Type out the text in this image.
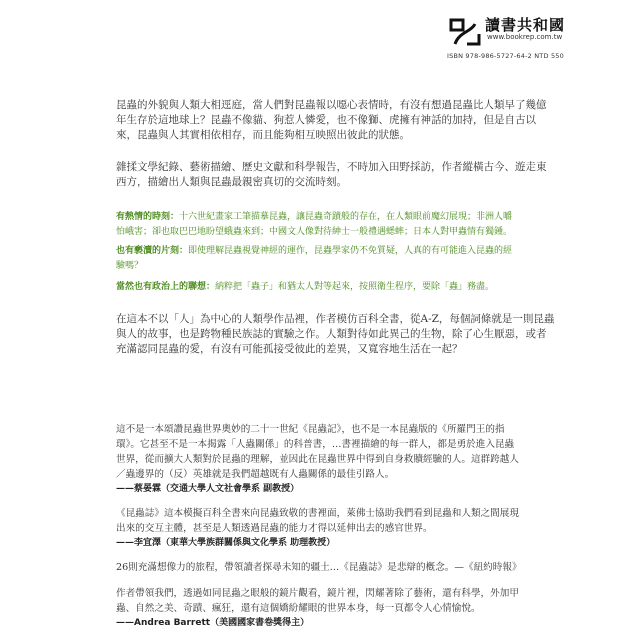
讀書共和國
www.bookrep.com.tw
ISBN 978-986-5727-64-2 NTD 550

昆蟲的外貌與人類大相逕庭，當人們對昆蟲報以噁心表情時，有沒有想過昆蟲比人類早了幾億

年生存於這地球上？昆蟲不像貓、狗惹人憐愛，也不像獅、虎擁有神話的加持，但是自古以

來，昆蟲與人其實相依相存，而且能夠相互映照出彼此的狀態。

雜揉文學紀錄、藝術描繪、歷史文獻和科學報告，不時加入田野採訪，作者縱橫古今、遊走東

西方，描繪出人類與昆蟲最親密真切的交流時刻。

有熱情的時刻：十六世紀畫家工筆描摹昆蟲，讓昆蟲奇蹟般的存在，在人類眼前魔幻展現；非洲人嚼

怕峨害；卻也取巴巴地盼望蛾蟲來到；中國文人像對待紳士一般禮遇蟋蟀；日本人對甲蟲情有獨鍾。

也有褻瀆的片刻：即使理解昆蟲視覺神經的運作，昆蟲學家仍不免質疑，人真的有可能進入昆蟲的經

驗嗎？

當然也有政治上的聯想：納粹把「蟲子」和猶太人對等起來，按照衛生程序，要除「蟲」務盡。

在這本不以「人」為中心的人類學作品裡，作者模仿百科全書，從A-Z，每個詞條就是一則昆蟲

與人的故事，也是跨物種民族誌的實驗之作。人類對待如此異己的生物，除了心生厭惡，或者

充滿認同昆蟲的愛，有沒有可能孤接受彼此的差異，又寬容地生活在一起？

這不是一本頌讚昆蟲世界奧妙的二十一世紀《昆蟲記》，也不是一本昆蟲版的《所羅門王的指

環》。它甚至不是一本揭露「人蟲關係」的科普書，…書裡描繪的每一群人，都是勇於進入昆蟲

世界，從而擴大人類對於昆蟲的理解，並因此在昆蟲世界中得到自身救贖經驗的人。這群跨越人

／蟲邊界的（反）英雄就是我們超越既有人蟲關係的最佳引路人。

——蔡晏霖（交通大學人文社會學系 副教授）

《昆蟲誌》這本模擬百科全書來向昆蟲致敬的書裡面，萊佛士協助我們看到昆蟲和人類之間展現

出來的交互主體，甚至是人類透過昆蟲的能力才得以延伸出去的感官世界。

——李宜澤（東華大學族群關係與文化學系 助理教授）

26則充滿想像力的旅程，帶領讀者探尋未知的疆土…《昆蟲誌》是悲辯的槪念。—《紐約時報》

作者帶領我們，透過如同昆蟲之眼般的鏡片觀看，鏡片裡，閃耀著除了藝術，還有科學，外加甲

蟲、自然之美、奇蹟、瘋狂，還有這個嬌紛耀眼的世界本身，每一頁都令人心情愉悅。

——Andrea Barrett（美國國家書卷獎得主）
